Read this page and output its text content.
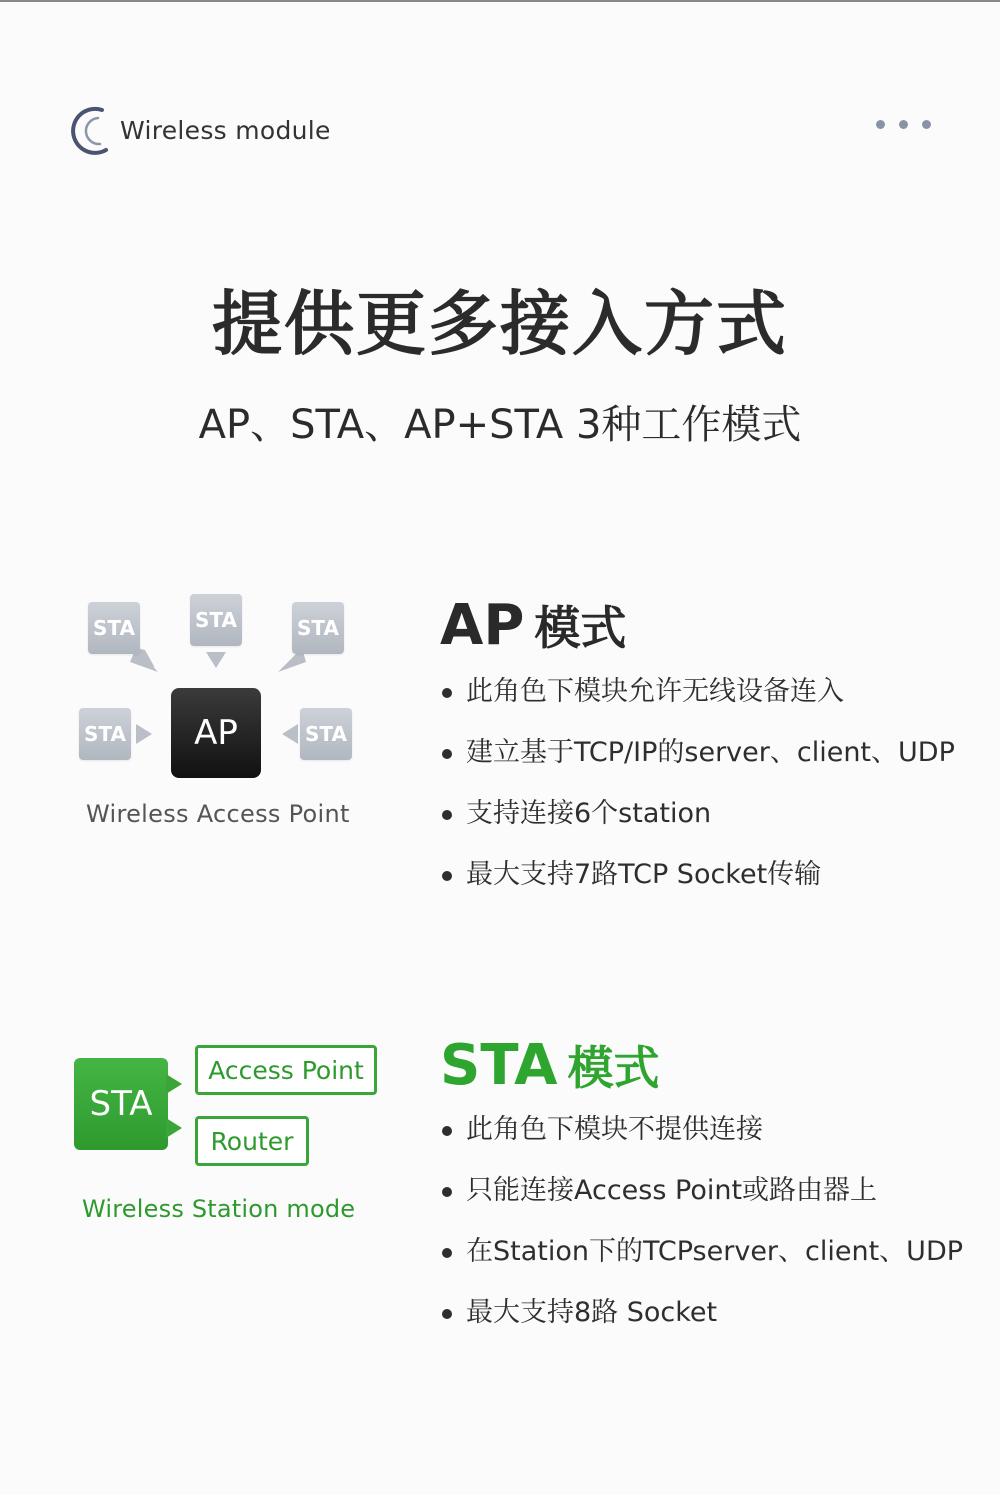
Wireless module
提供更多接入方式
AP、STA、AP+STA 3种工作模式
STA	STA	STA
STA	STA
AP
Wireless Access Point
AP 模式
此角色下模块允许无线设备连入
建立基于TCP/IP的server、client、UDP
支持连接6个station
最大支持7路TCP Socket传输
STA
Access Point
Router
Wireless Station mode
STA 模式
此角色下模块不提供连接
只能连接Access Point或路由器上
在Station下的TCPserver、client、UDP
最大支持8路 Socket
